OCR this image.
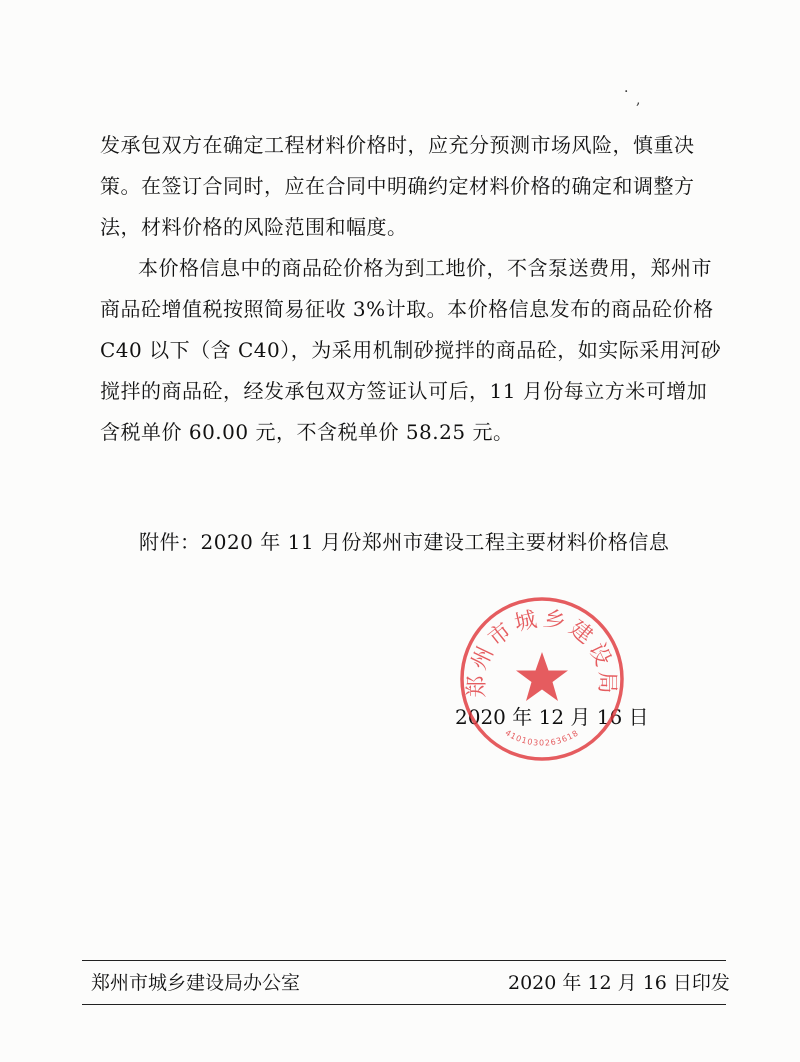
· ,

发承包双方在确定工程材料价格时，应充分预测市场风险，慎重决策。在签订合同时，应在合同中明确约定材料价格的确定和调整方法，材料价格的风险范围和幅度。

本价格信息中的商品砼价格为到工地价，不含泵送费用，郑州市商品砼增值税按照简易征收 3%计取。本价格信息发布的商品砼价格 C40 以下（含 C40），为采用机制砂搅拌的商品砼，如实际采用河砂搅拌的商品砼，经发承包双方签证认可后，11 月份每立方米可增加含税单价 60.00 元，不含税单价 58.25 元。

附件：2020 年 11 月份郑州市建设工程主要材料价格信息
2020 年 12 月 16 日
郑州市城乡建设局
4101030263618
郑州市城乡建设局办公室	2020 年 12 月 16 日印发
